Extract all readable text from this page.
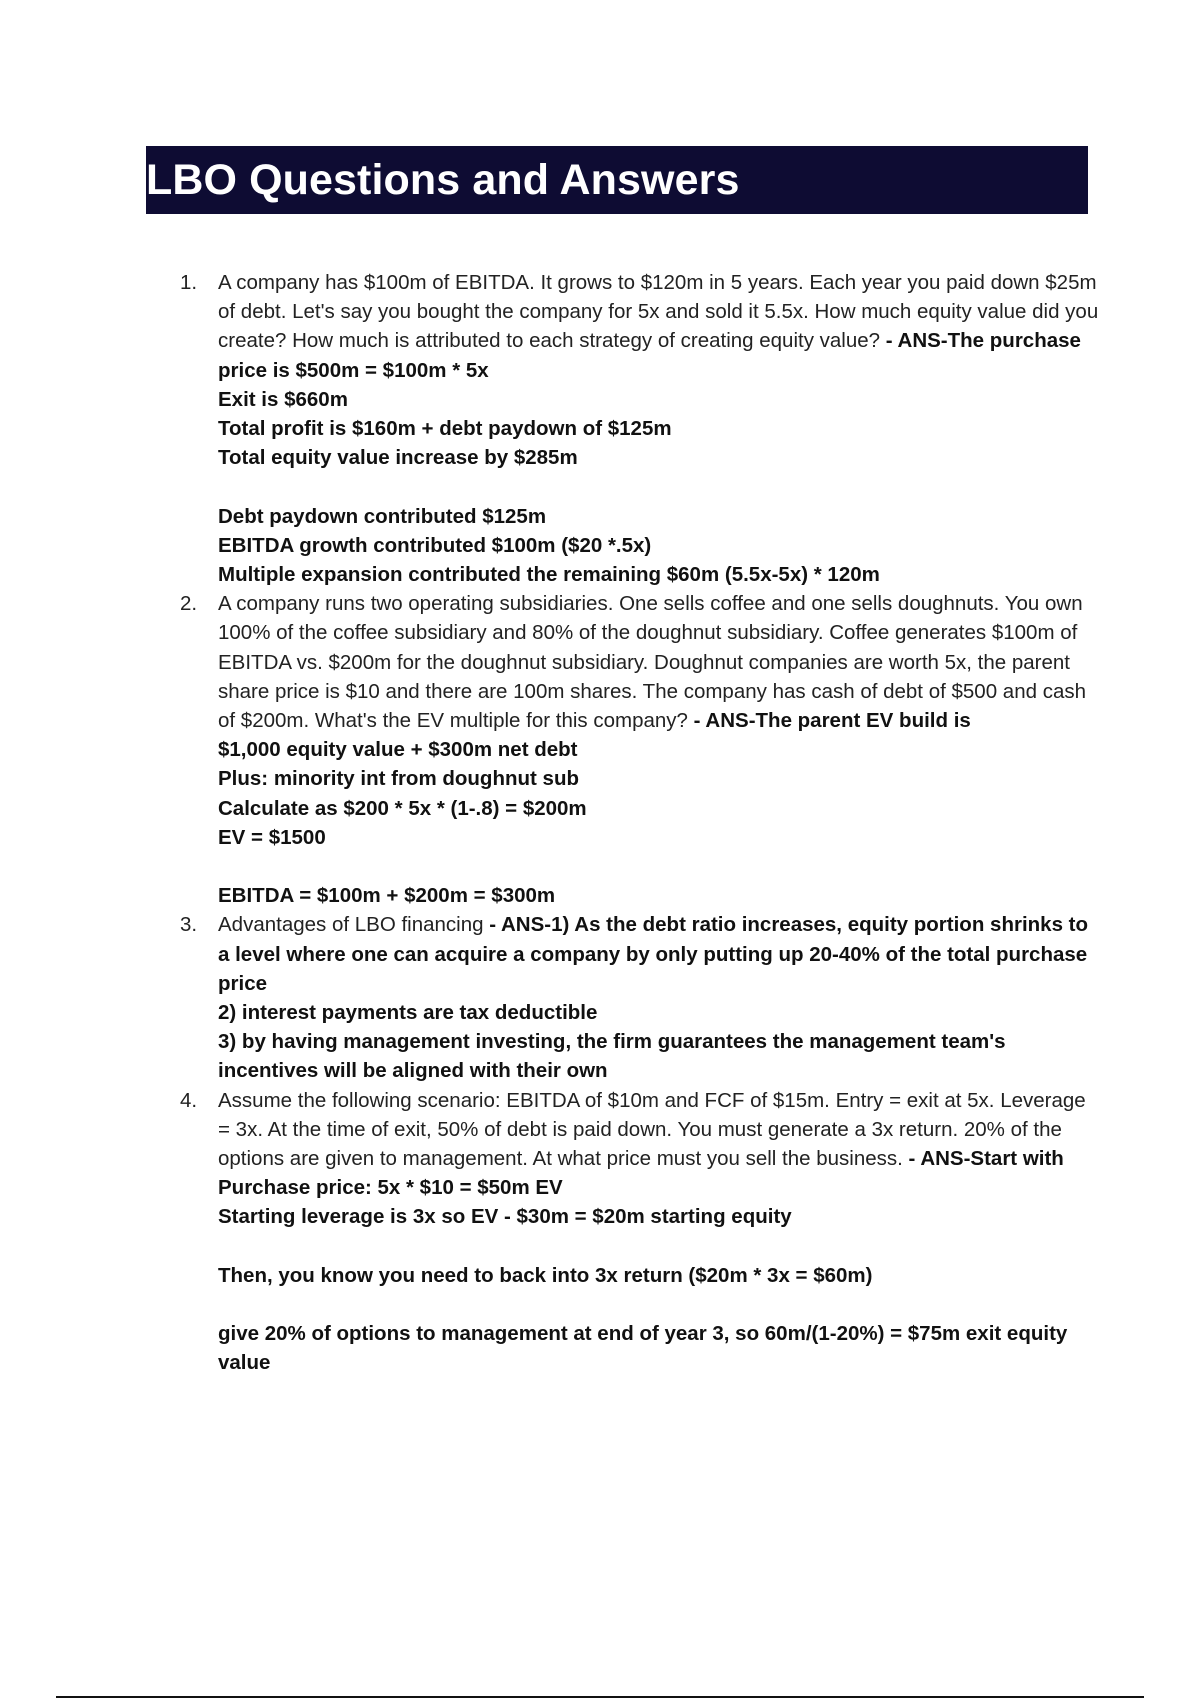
LBO Questions and Answers
1.	A company has $100m of EBITDA. It grows to $120m in 5 years. Each year you paid down $25m of debt. Let's say you bought the company for 5x and sold it 5.5x. How much equity value did you create? How much is attributed to each strategy of creating equity value? - ANS-The purchase price is $500m = $100m * 5x
Exit is $660m
Total profit is $160m + debt paydown of $125m
Total equity value increase by $285m
Debt paydown contributed $125m
EBITDA growth contributed $100m ($20 *.5x)
Multiple expansion contributed the remaining $60m (5.5x-5x) * 120m
2.	A company runs two operating subsidiaries. One sells coffee and one sells doughnuts. You own 100% of the coffee subsidiary and 80% of the doughnut subsidiary. Coffee generates $100m of EBITDA vs. $200m for the doughnut subsidiary. Doughnut companies are worth 5x, the parent share price is $10 and there are 100m shares. The company has cash of debt of $500 and cash of $200m. What's the EV multiple for this company? - ANS-The parent EV build is
$1,000 equity value + $300m net debt
Plus: minority int from doughnut sub
Calculate as $200 * 5x * (1-.8) = $200m
EV = $1500
EBITDA = $100m + $200m = $300m
3.	Advantages of LBO financing - ANS-1) As the debt ratio increases, equity portion shrinks to a level where one can acquire a company by only putting up 20-40% of the total purchase price
2) interest payments are tax deductible
3) by having management investing, the firm guarantees the management team's incentives will be aligned with their own
4.	Assume the following scenario: EBITDA of $10m and FCF of $15m. Entry = exit at 5x. Leverage = 3x. At the time of exit, 50% of debt is paid down. You must generate a 3x return. 20% of the options are given to management. At what price must you sell the business. - ANS-Start with Purchase price: 5x * $10 = $50m EV
Starting leverage is 3x so EV - $30m = $20m starting equity
Then, you know you need to back into 3x return ($20m * 3x = $60m)
give 20% of options to management at end of year 3, so 60m/(1-20%) = $75m exit equity value
